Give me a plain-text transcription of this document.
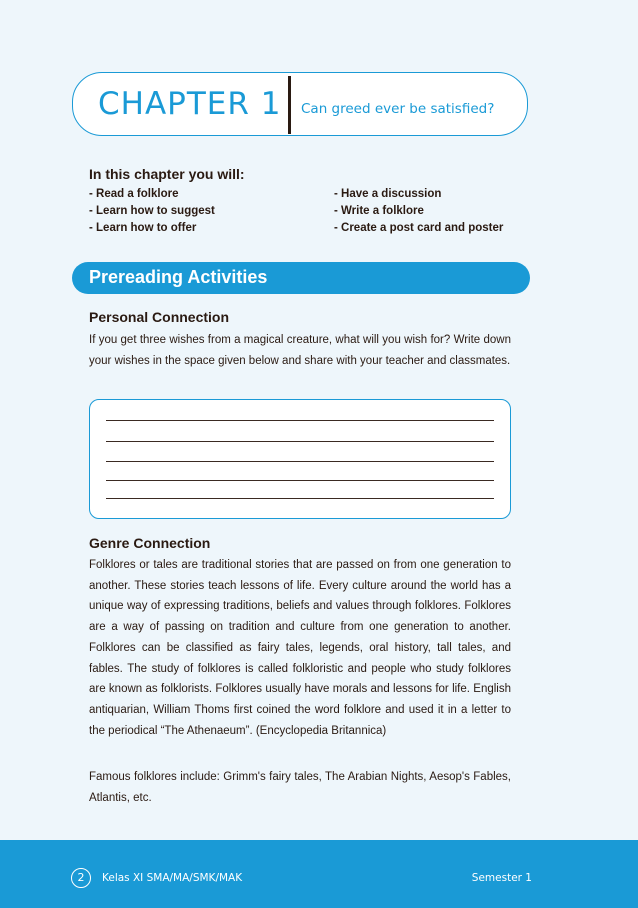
CHAPTER 1 Can greed ever be satisfied?
In this chapter you will:
- Read a folklore
- Learn how to suggest
- Learn how to offer
- Have a discussion
- Write a folklore
- Create a post card and poster
Prereading Activities
Personal Connection

If you get three wishes from a magical creature, what will you wish for? Write down your wishes in the space given below and share with your teacher and classmates.

Genre Connection

Folklores or tales are traditional stories that are passed on from one generation to another. These stories teach lessons of life. Every culture around the world has a unique way of expressing traditions, beliefs and values through folklores. Folklores are a way of passing on tradition and culture from one generation to another. Folklores can be classified as fairy tales, legends, oral history, tall tales, and fables. The study of folklores is called folkloristic and people who study folklores are known as folklorists. Folklores usually have morals and lessons for life. English antiquarian, William Thoms first coined the word folklore and used it in a letter to the periodical “The Athenaeum”. (Encyclopedia Britannica)

Famous folklores include: Grimm's fairy tales, The Arabian Nights, Aesop's Fables, Atlantis, etc.

2	Kelas XI SMA/MA/SMK/MAK	Semester 1
